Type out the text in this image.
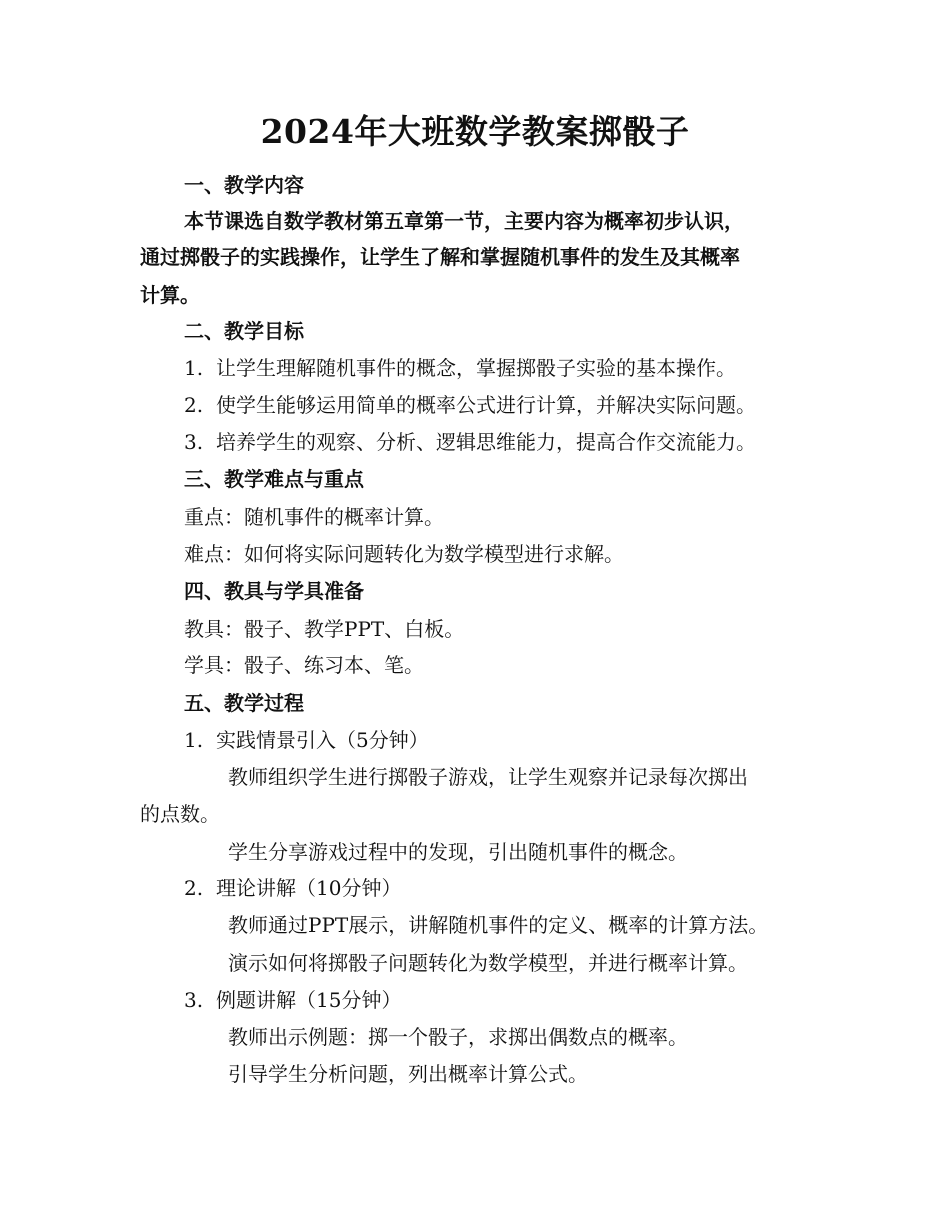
2024年大班数学教案掷骰子
一、教学内容
本节课选自数学教材第五章第一节，主要内容为概率初步认识，
通过掷骰子的实践操作，让学生了解和掌握随机事件的发生及其概率
计算。
二、教学目标
1. 让学生理解随机事件的概念，掌握掷骰子实验的基本操作。
2. 使学生能够运用简单的概率公式进行计算，并解决实际问题。
3. 培养学生的观察、分析、逻辑思维能力，提高合作交流能力。
三、教学难点与重点
重点：随机事件的概率计算。
难点：如何将实际问题转化为数学模型进行求解。
四、教具与学具准备
教具：骰子、教学PPT、白板。
学具：骰子、练习本、笔。
五、教学过程
1. 实践情景引入（5分钟）
教师组织学生进行掷骰子游戏，让学生观察并记录每次掷出
的点数。
学生分享游戏过程中的发现，引出随机事件的概念。
2. 理论讲解（10分钟）
教师通过PPT展示，讲解随机事件的定义、概率的计算方法。
演示如何将掷骰子问题转化为数学模型，并进行概率计算。
3. 例题讲解（15分钟）
教师出示例题：掷一个骰子，求掷出偶数点的概率。
引导学生分析问题，列出概率计算公式。
